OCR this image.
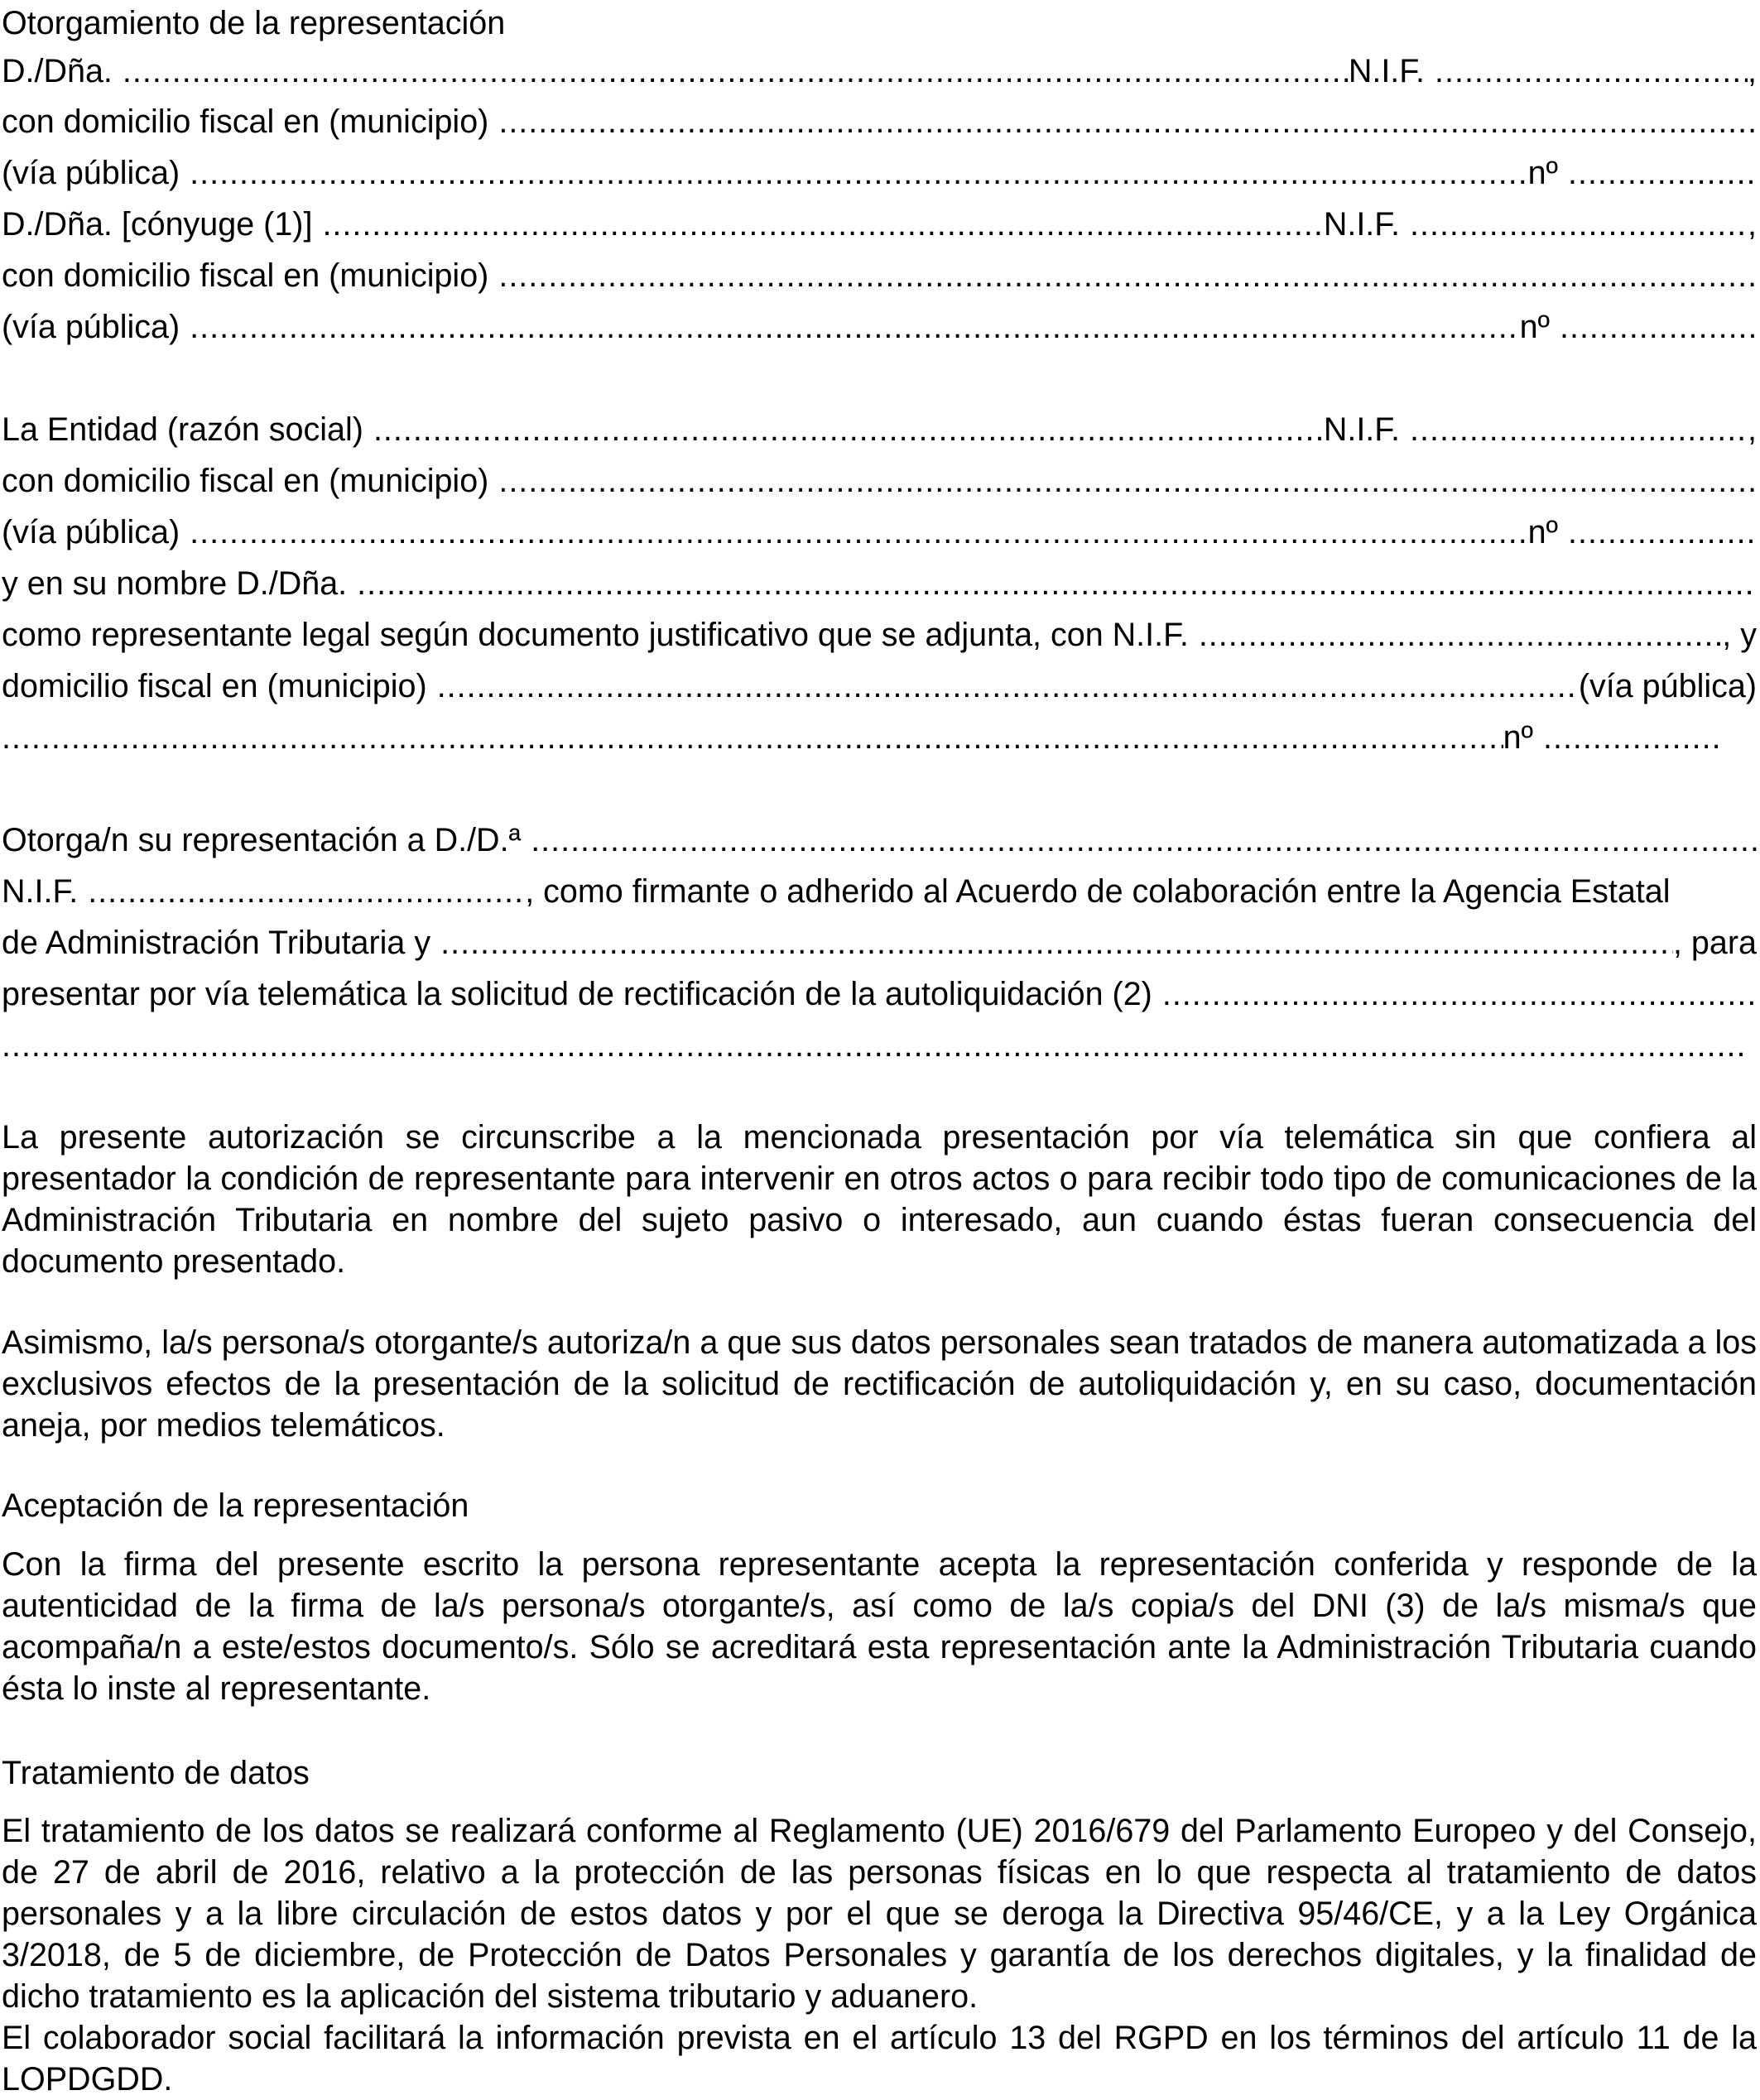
Otorgamiento de la representación

D./Dña. .....	N.I.F. .....	,
con domicilio fiscal en (municipio)
.....
(vía pública) .....	nº
.....
D./Dña. [cónyuge (1)] .....	N.I.F. .....	,
con domicilio fiscal en (municipio)
.....
(vía pública) .....	nº
.....
La Entidad (razón social) .....	N.I.F. .....	,
con domicilio fiscal en (municipio)
.....
(vía pública) .....	nº
.....
y en su nombre D./Dña.
.....
como representante legal según documento justificativo que se adjunta, con N.I.F. .....	, y
domicilio fiscal en (municipio) .....	(vía pública)
.....
nº
.....
Otorga/n su representación a D./D.ª
.....
N.I.F. .....	, como firmante o adherido al Acuerdo de colaboración entre la Agencia Estatal
de Administración Tributaria y .....	, para
presentar por vía telemática la solicitud de rectificación de la autoliquidación (2)
.....
.....

La presente autorización se circunscribe a la mencionada presentación por vía telemática sin que confiera al presentador la condición de representante para intervenir en otros actos o para recibir todo tipo de comunicaciones de la Administración Tributaria en nombre del sujeto pasivo o interesado, aun cuando éstas fueran consecuencia del documento presentado.

Asimismo, la/s persona/s otorgante/s autoriza/n a que sus datos personales sean tratados de manera automatizada a los exclusivos efectos de la presentación de la solicitud de rectificación de autoliquidación y, en su caso, documentación aneja, por medios telemáticos.

Aceptación de la representación

Con la firma del presente escrito la persona representante acepta la representación conferida y responde de la autenticidad de la firma de la/s persona/s otorgante/s, así como de la/s copia/s del DNI (3) de la/s misma/s que acompaña/n a este/estos documento/s. Sólo se acreditará esta representación ante la Administración Tributaria cuando ésta lo inste al representante.

Tratamiento de datos

El tratamiento de los datos se realizará conforme al Reglamento (UE) 2016/679 del Parlamento Europeo y del Consejo, de 27 de abril de 2016, relativo a la protección de las personas físicas en lo que respecta al tratamiento de datos personales y a la libre circulación de estos datos y por el que se deroga la Directiva 95/46/CE, y a la Ley Orgánica 3/2018, de 5 de diciembre, de Protección de Datos Personales y garantía de los derechos digitales, y la finalidad de dicho tratamiento es la aplicación del sistema tributario y aduanero.

El colaborador social facilitará la información prevista en el artículo 13 del RGPD en los términos del artículo 11 de la LOPDGDD.
